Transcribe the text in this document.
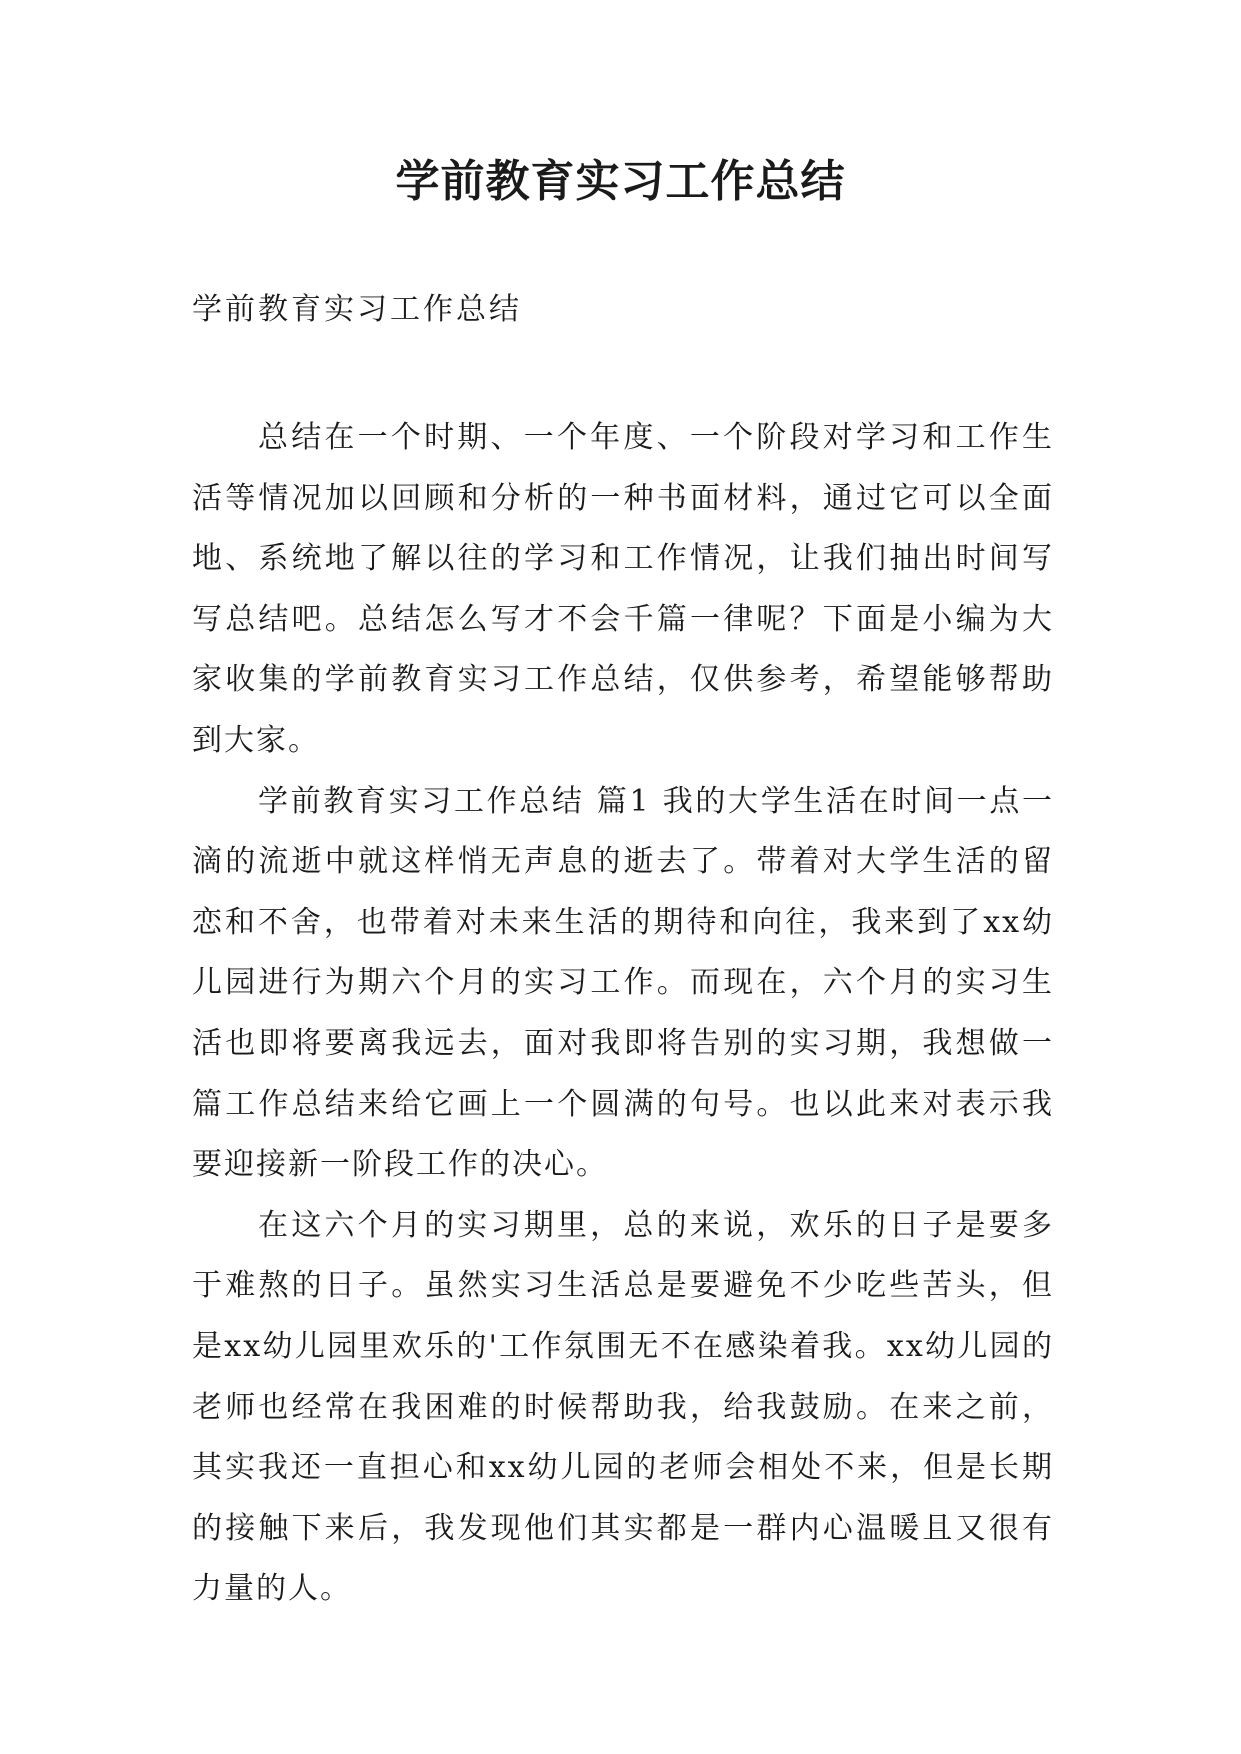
学前教育实习工作总结

学前教育实习工作总结

总结在一个时期、一个年度、一个阶段对学习和工作生活等情况加以回顾和分析的一种书面材料，通过它可以全面地、系统地了解以往的学习和工作情况，让我们抽出时间写写总结吧。总结怎么写才不会千篇一律呢？下面是小编为大家收集的学前教育实习工作总结，仅供参考，希望能够帮助到大家。

学前教育实习工作总结 篇1 我的大学生活在时间一点一滴的流逝中就这样悄无声息的逝去了。带着对大学生活的留恋和不舍，也带着对未来生活的期待和向往，我来到了xx幼儿园进行为期六个月的实习工作。而现在，六个月的实习生活也即将要离我远去，面对我即将告别的实习期，我想做一篇工作总结来给它画上一个圆满的句号。也以此来对表示我要迎接新一阶段工作的决心。

在这六个月的实习期里，总的来说，欢乐的日子是要多于难熬的日子。虽然实习生活总是要避免不少吃些苦头，但是xx幼儿园里欢乐的'工作氛围无不在感染着我。xx幼儿园的老师也经常在我困难的时候帮助我，给我鼓励。在来之前，其实我还一直担心和xx幼儿园的老师会相处不来，但是长期的接触下来后，我发现他们其实都是一群内心温暖且又很有力量的人。
